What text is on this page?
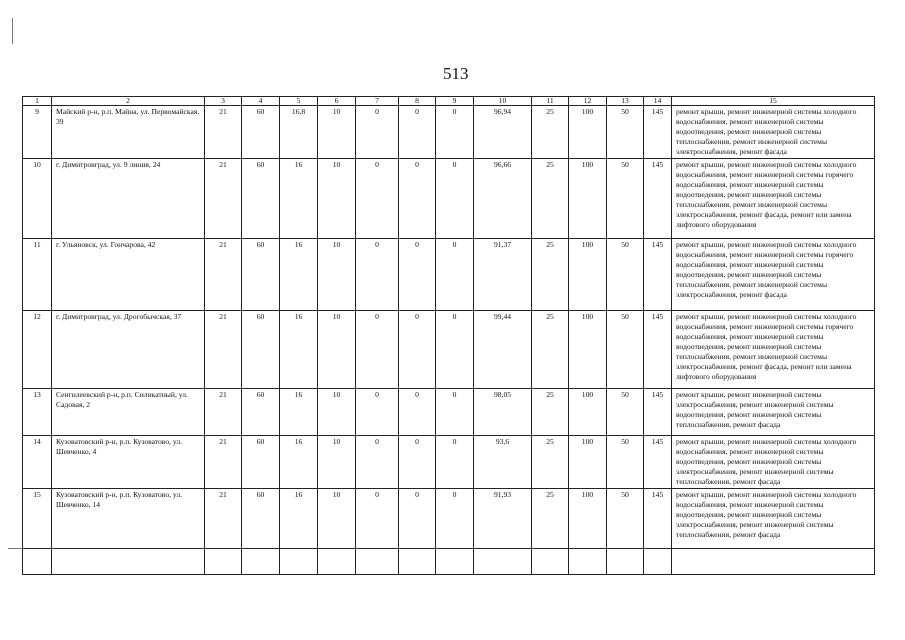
513
1	2	3	4	5	6	7	8	9	10	11	12	13	14	15
9	Майский р-н, р.п. Майна, ул. Первомайская, 39	21	60	16,8	10	0	0	0	96,94	25	100	50	145	ремонт крыши, ремонт инженерной системы холодного водоснабжения, ремонт инженерной системы водоотведения, ремонт инженерной системы теплоснабжения, ремонт инженерной системы электроснабжения, ремонт фасада
10	г. Димитровград, ул. 9 линия, 24	21	60	16	10	0	0	0	96,66	25	100	50	145	ремонт крыши, ремонт инженерной системы холодного водоснабжения, ремонт инженерной системы горячего водоснабжения, ремонт инженерной системы водоотведения, ремонт инженерной системы теплоснабжения, ремонт инженерной системы электроснабжения, ремонт фасада, ремонт или замена лифтового оборудования
11	г. Ульяновск, ул. Гончарова, 42	21	60	16	10	0	0	0	91,37	25	100	50	145	ремонт крыши, ремонт инженерной системы холодного водоснабжения, ремонт инженерной системы горячего водоснабжения, ремонт инженерной системы водоотведения, ремонт инженерной системы теплоснабжения, ремонт инженерной системы электроснабжения, ремонт фасада
12	г. Димитровград, ул. Дрогобычская, 37	21	60	16	10	0	0	0	99,44	25	100	50	145	ремонт крыши, ремонт инженерной системы холодного водоснабжения, ремонт инженерной системы горячего водоснабжения, ремонт инженерной системы водоотведения, ремонт инженерной системы теплоснабжения, ремонт инженерной системы электроснабжения, ремонт фасада, ремонт или замена лифтового оборудования
13	Сенгилеевский р-н, р.п. Силикатный, ул. Садовая, 2	21	60	16	10	0	0	0	98,05	25	100	50	145	ремонт крыши, ремонт инженерной системы электроснабжения, ремонт инженерной системы водоотведения, ремонт инженерной системы теплоснабжения, ремонт фасада
14	Кузоватовский р-н, р.п. Кузоватово, ул. Шевченко, 4	21	60	16	10	0	0	0	93,6	25	100	50	145	ремонт крыши, ремонт инженерной системы холодного водоснабжения, ремонт инженерной системы водоотведения, ремонт инженерной системы электроснабжения, ремонт инженерной системы теплоснабжения, ремонт фасада
15	Кузоватовский р-н, р.п. Кузоватово, ул. Шевченко, 14	21	60	16	10	0	0	0	91,93	25	100	50	145	ремонт крыши, ремонт инженерной системы холодного водоснабжения, ремонт инженерной системы водоотведения, ремонт инженерной системы электроснабжения, ремонт инженерной системы теплоснабжения, ремонт фасада
